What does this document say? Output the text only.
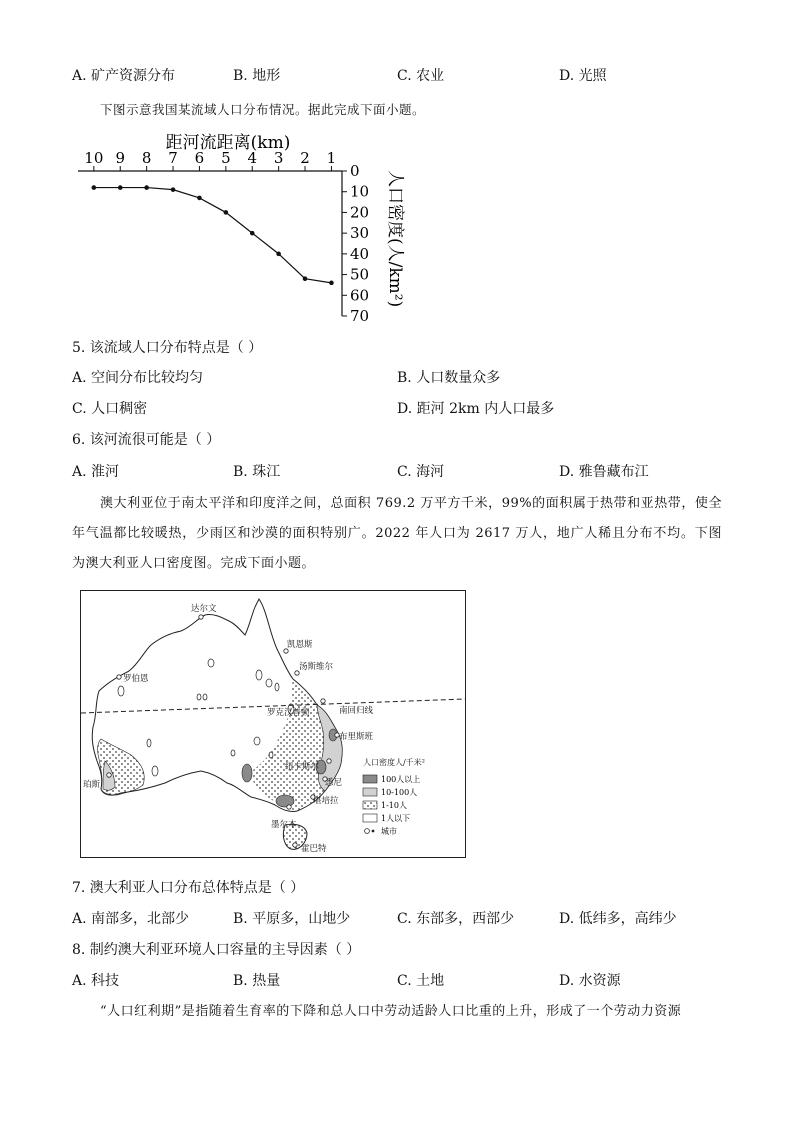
A. 矿产资源分布	B. 地形	C. 农业	D. 光照
下图示意我国某流域人口分布情况。据此完成下面小题。
距河流距离(km)
10 9 8 7 6 5 4 3 2 1
0
10
20
30
40
50
60
70
人口密度(人/km²)
5. 该流域人口分布特点是（ ）
A. 空间分布比较均匀	B. 人口数量众多
C. 人口稠密	D. 距河 2km 内人口最多
6. 该河流很可能是（ ）
A. 淮河	B. 珠江	C. 海河	D. 雅鲁藏布江
澳大利亚位于南太平洋和印度洋之间，总面积 769.2 万平方千米，99%的面积属于热带和亚热带，使全年气温都比较暖热，少雨区和沙漠的面积特别广。2022 年人口为 2617 万人，地广人稀且分布不均。下图为澳大利亚人口密度图。完成下面小题。
达尔文
凯恩斯
汤斯维尔
罗伯恩
罗克汉普顿	南回归线
布里斯班
纽卡斯尔
悉尼
堪培拉
墨尔本
霍巴特
珀斯
人口密度人/千米²
100人以上
10-100人
1-10人
1人以下
城市
7. 澳大利亚人口分布总体特点是（ ）
A. 南部多，北部少	B. 平原多，山地少	C. 东部多，西部少	D. 低纬多，高纬少
8. 制约澳大利亚环境人口容量的主导因素（ ）
A. 科技	B. 热量	C. 土地	D. 水资源
“人口红利期”是指随着生育率的下降和总人口中劳动适龄人口比重的上升，形成了一个劳动力资源
